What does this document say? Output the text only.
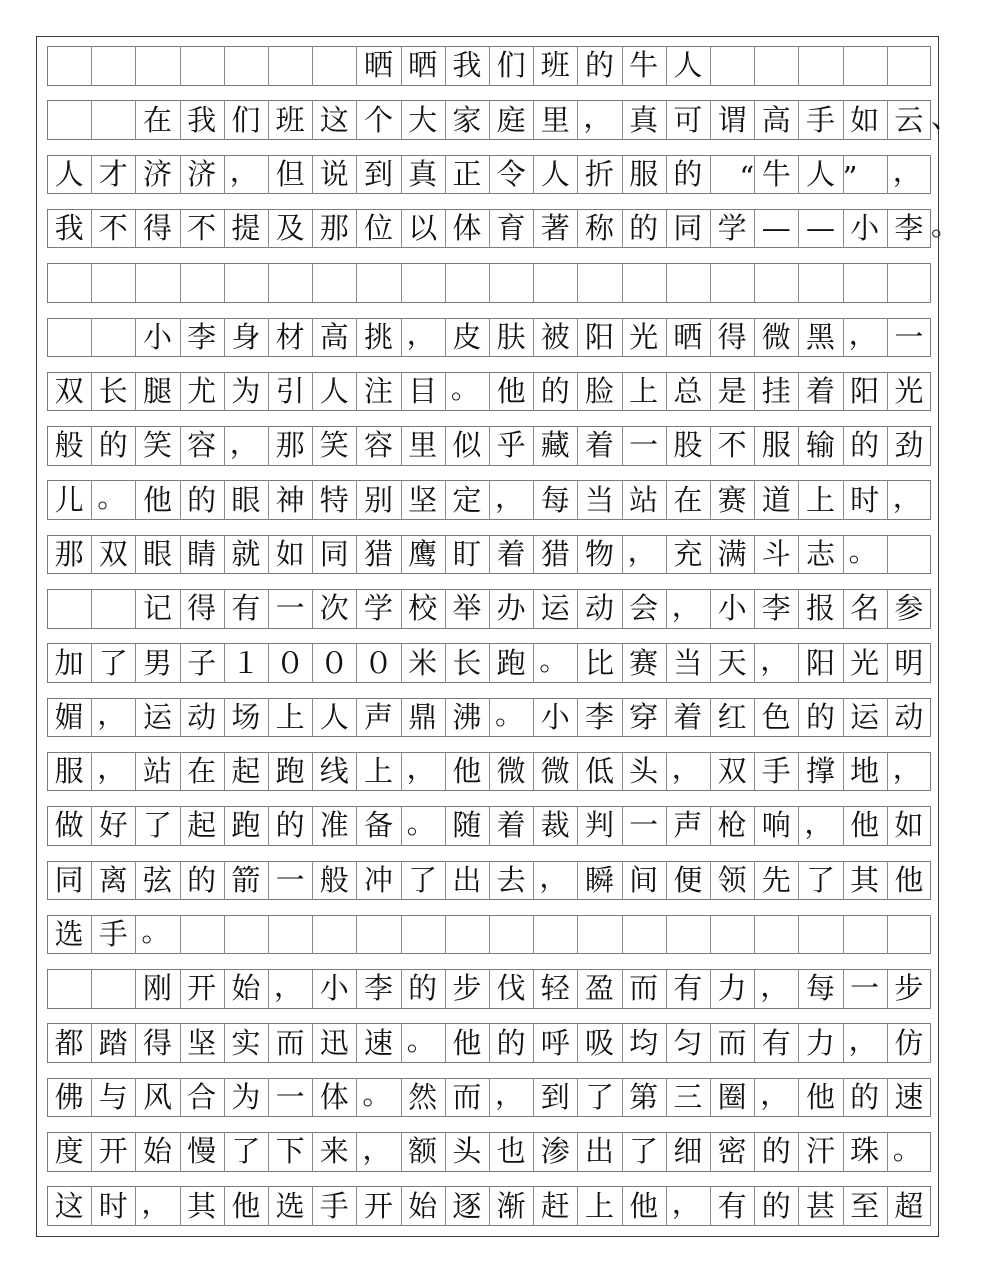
晒 晒 我 们 班 的 牛 人
在 我 们 班 这 个 大 家 庭 里 ， 真 可 谓 高 手 如 云 、
人 才 济 济 ， 但 说 到 真 正 令 人 折 服 的	“ 牛 人 ”	，
我 不 得 不 提 及 那 位 以 体 育 著 称 的 同 学 — — 小 李 。
小 李 身 材 高 挑 ， 皮 肤 被 阳 光 晒 得 微 黑 ， 一
双 长 腿 尤 为 引 人 注 目 。 他 的 脸 上 总 是 挂 着 阳 光
般 的 笑 容 ， 那 笑 容 里 似 乎 藏 着 一 股 不 服 输 的 劲
儿 。 他 的 眼 神 特 别 坚 定 ， 每 当 站 在 赛 道 上 时 ，
那 双 眼 睛 就 如 同 猎 鹰 盯 着 猎 物 ， 充 满 斗 志 。
记 得 有 一 次 学 校 举 办 运 动 会 ， 小 李 报 名 参
加 了 男 子 １ ０ ０ ０ 米 长 跑 。 比 赛 当 天 ， 阳 光 明
媚 ， 运 动 场 上 人 声 鼎 沸 。 小 李 穿 着 红 色 的 运 动
服 ， 站 在 起 跑 线 上 ， 他 微 微 低 头 ， 双 手 撑 地 ，
做 好 了 起 跑 的 准 备 。 随 着 裁 判 一 声 枪 响 ， 他 如
同 离 弦 的 箭 一 般 冲 了 出 去 ， 瞬 间 便 领 先 了 其 他
选 手 。
刚 开 始 ， 小 李 的 步 伐 轻 盈 而 有 力 ， 每 一 步
都 踏 得 坚 实 而 迅 速 。 他 的 呼 吸 均 匀 而 有 力 ， 仿
佛 与 风 合 为 一 体 。 然 而 ， 到 了 第 三 圈 ， 他 的 速
度 开 始 慢 了 下 来 ， 额 头 也 渗 出 了 细 密 的 汗 珠 。
这 时 ， 其 他 选 手 开 始 逐 渐 赶 上 他 ， 有 的 甚 至 超
